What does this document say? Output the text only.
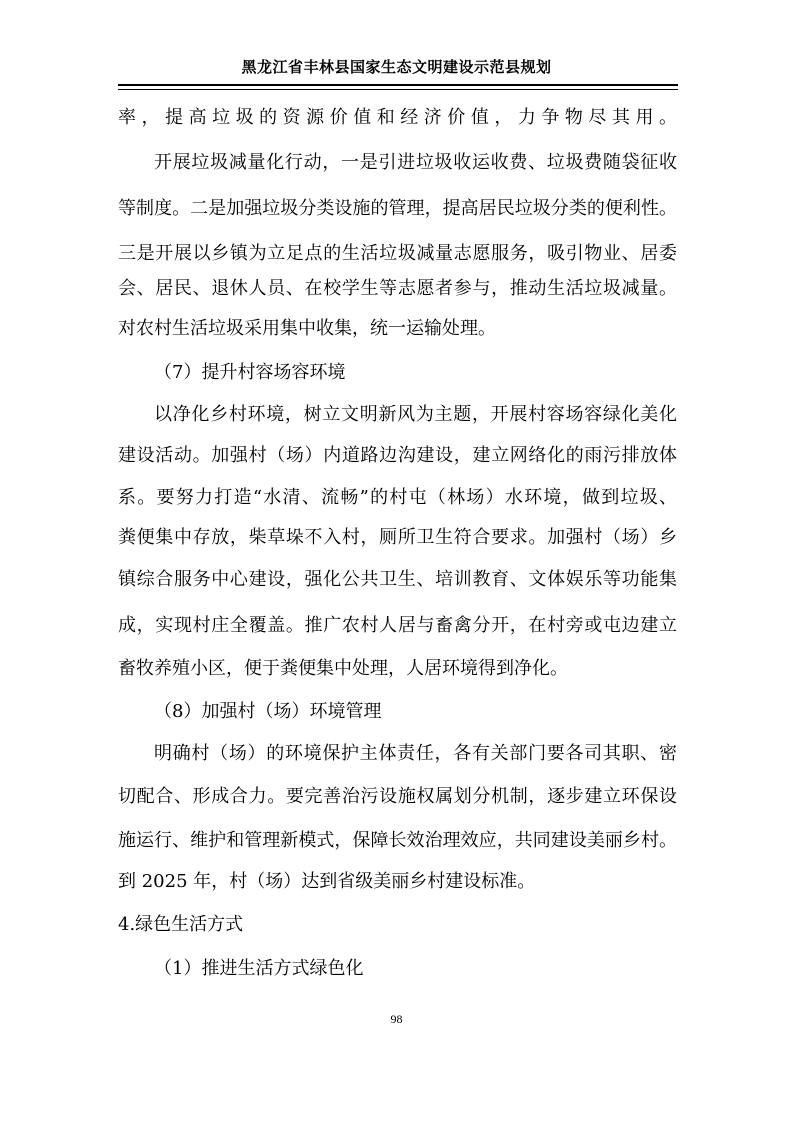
黑龙江省丰林县国家生态文明建设示范县规划
率，提高垃圾的资源价值和经济价值，力争物尽其用。
开展垃圾减量化行动，一是引进垃圾收运收费、垃圾费随袋征收
等制度。二是加强垃圾分类设施的管理，提高居民垃圾分类的便利性。
三是开展以乡镇为立足点的生活垃圾减量志愿服务，吸引物业、居委
会、居民、退休人员、在校学生等志愿者参与，推动生活垃圾减量。
对农村生活垃圾采用集中收集，统一运输处理。
（7）提升村容场容环境
以净化乡村环境，树立文明新风为主题，开展村容场容绿化美化
建设活动。加强村（场）内道路边沟建设，建立网络化的雨污排放体
系。要努力打造“水清、流畅”的村屯（林场）水环境，做到垃圾、
粪便集中存放，柴草垛不入村，厕所卫生符合要求。加强村（场）乡
镇综合服务中心建设，强化公共卫生、培训教育、文体娱乐等功能集
成，实现村庄全覆盖。推广农村人居与畜禽分开，在村旁或屯边建立
畜牧养殖小区，便于粪便集中处理，人居环境得到净化。
（8）加强村（场）环境管理
明确村（场）的环境保护主体责任，各有关部门要各司其职、密
切配合、形成合力。要完善治污设施权属划分机制，逐步建立环保设
施运行、维护和管理新模式，保障长效治理效应，共同建设美丽乡村。
到 2025 年，村（场）达到省级美丽乡村建设标准。
4.绿色生活方式
（1）推进生活方式绿色化
98
